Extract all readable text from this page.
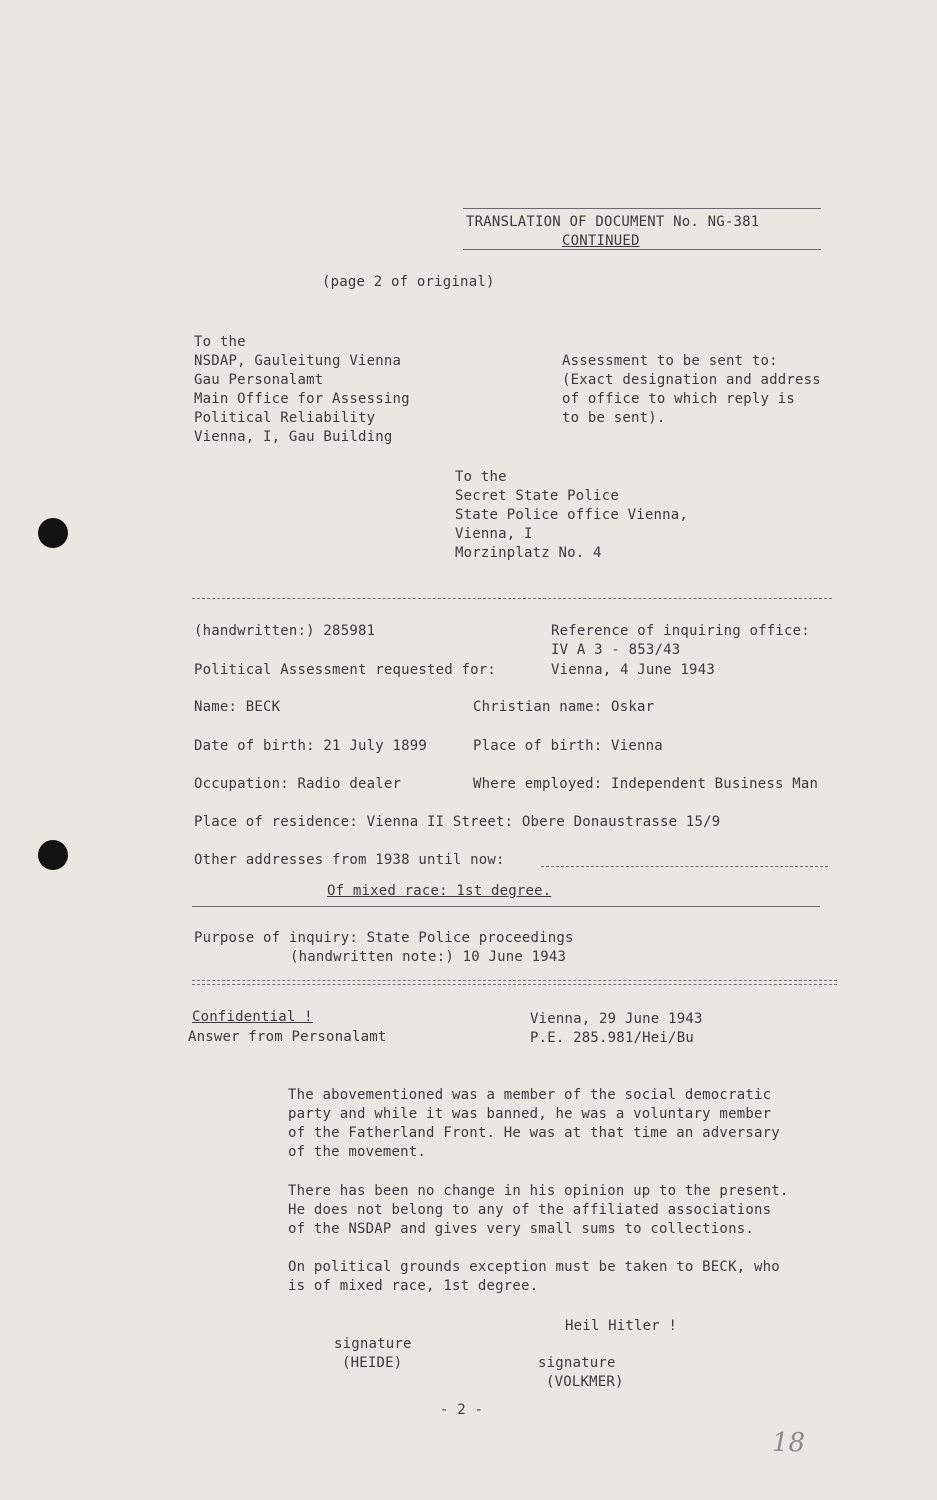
TRANSLATION OF DOCUMENT No. NG-381
CONTINUED
(page 2 of original)
To the
NSDAP, Gauleitung Vienna
Gau Personalamt
Main Office for Assessing
Political Reliability
Vienna, I, Gau Building
Assessment to be sent to:
(Exact designation and address
of office to which reply is
to be sent).
To the
Secret State Police
State Police office Vienna,
Vienna, I
Morzinplatz No. 4
(handwritten:) 285981	Reference of inquiring office:
IV A 3 - 853/43
Political Assessment requested for:	Vienna, 4 June 1943
Name: BECK	Christian name: Oskar
Date of birth: 21 July 1899	Place of birth: Vienna
Occupation: Radio dealer	Where employed: Independent Business Man
Place of residence: Vienna II Street: Obere Donaustrasse 15/9
Other addresses from 1938 until now:
Of mixed race: 1st degree.
Purpose of inquiry: State Police proceedings
(handwritten note:) 10 June 1943
Confidential !
Answer from Personalamt
Vienna, 29 June 1943
P.E. 285.981/Hei/Bu
The abovementioned was a member of the social democratic
party and while it was banned, he was a voluntary member
of the Fatherland Front. He was at that time an adversary
of the movement.
There has been no change in his opinion up to the present.
He does not belong to any of the affiliated associations
of the NSDAP and gives very small sums to collections.
On political grounds exception must be taken to BECK, who
is of mixed race, 1st degree.
Heil Hitler !
signature
(HEIDE)	signature
(VOLKMER)
- 2 -
18
